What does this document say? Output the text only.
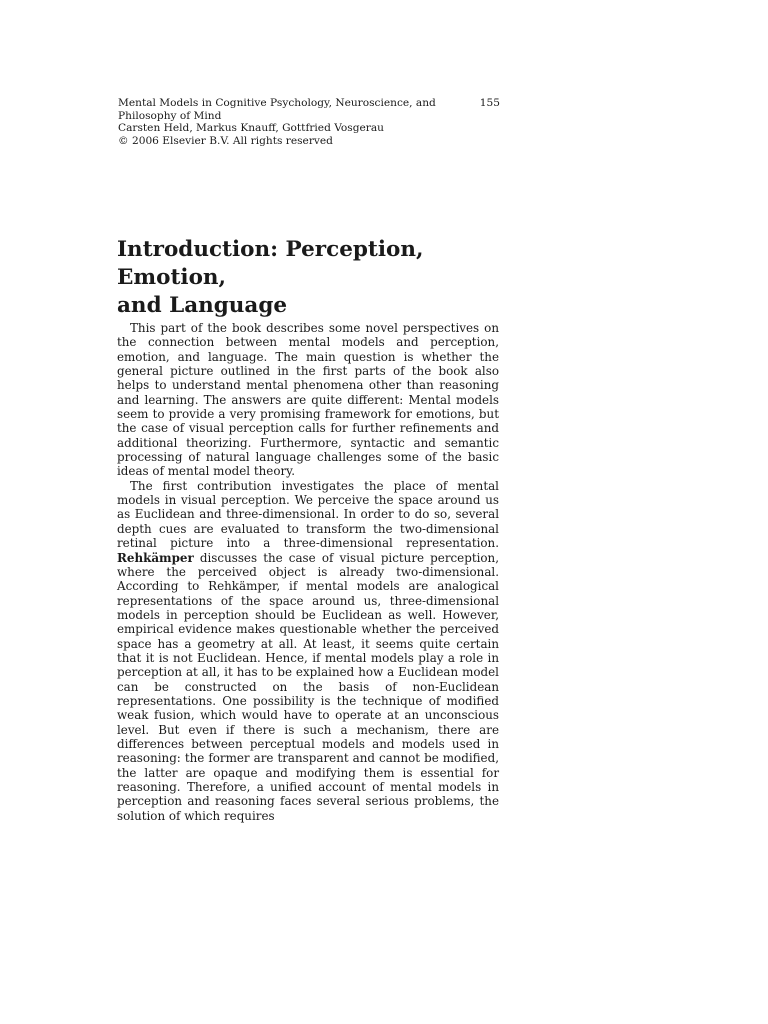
Mental Models in Cognitive Psychology, Neuroscience, and Philosophy of Mind
155
Carsten Held, Markus Knauff, Gottfried Vosgerau
© 2006 Elsevier B.V. All rights reserved
Introduction: Perception, Emotion,
and Language

This part of the book describes some novel perspectives on the connection between mental models and perception, emotion, and language. The main question is whether the general picture outlined in the first parts of the book also helps to understand mental phenomena other than reasoning and learning. The answers are quite different: Mental models seem to provide a very promising framework for emotions, but the case of visual perception calls for further refinements and additional theorizing. Furthermore, syntactic and semantic processing of natural language challenges some of the basic ideas of mental model theory.

The first contribution investigates the place of mental models in visual perception. We perceive the space around us as Euclidean and three-dimensional. In order to do so, several depth cues are evaluated to transform the two-dimensional retinal picture into a three-dimensional representation. Rehkämper discusses the case of visual picture perception, where the perceived object is already two-dimensional. According to Rehkämper, if mental models are analogical representations of the space around us, three-dimensional models in perception should be Euclidean as well. However, empirical evidence makes questionable whether the perceived space has a geometry at all. At least, it seems quite certain that it is not Euclidean. Hence, if mental models play a role in perception at all, it has to be explained how a Euclidean model can be constructed on the basis of non-Euclidean representations. One possibility is the technique of modified weak fusion, which would have to operate at an unconscious level. But even if there is such a mechanism, there are differences between perceptual models and models used in reasoning: the former are transparent and cannot be modified, the latter are opaque and modifying them is essential for reasoning. Therefore, a unified account of mental models in perception and reasoning faces several serious problems, the solution of which requires
